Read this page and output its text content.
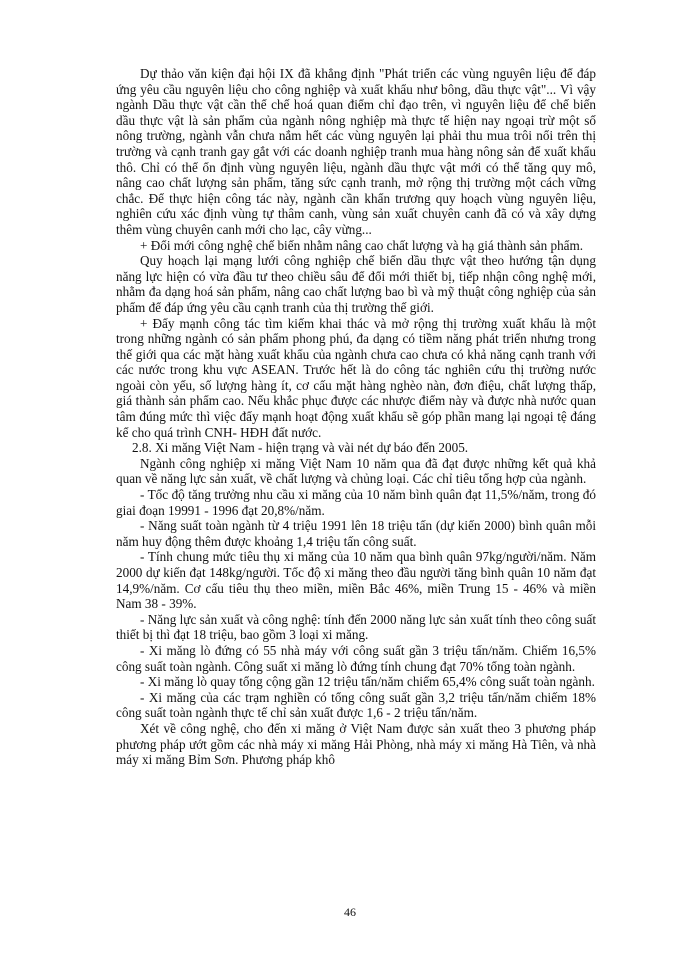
Dự thảo văn kiện đại hội IX đã khẳng định "Phát triển các vùng nguyên liệu để đáp ứng yêu cầu nguyên liệu cho công nghiệp và xuất khẩu như bông, dầu thực vật"... Vì vậy ngành Dầu thực vật cần thể chế hoá quan điểm chỉ đạo trên, vì nguyên liệu để chế biến dầu thực vật là sản phẩm của ngành nông nghiệp mà thực tế hiện nay ngoại trừ một số nông trường, ngành vẫn chưa nắm hết các vùng nguyên lại phải thu mua trôi nổi trên thị trường và cạnh tranh gay gắt với các doanh nghiệp tranh mua hàng nông sản để xuất khẩu thô. Chỉ có thể ổn định vùng nguyên liệu, ngành dầu thực vật mới có thể tăng quy mô, nâng cao chất lượng sản phẩm, tăng sức cạnh tranh, mở rộng thị trường một cách vững chắc. Để thực hiện công tác này, ngành cần khẩn trương quy hoạch vùng nguyên liệu, nghiên cứu xác định vùng tự thâm canh, vùng sản xuất chuyên canh đã có và xây dựng thêm vùng chuyên canh mới cho lạc, cây vừng...

+ Đổi mới công nghệ chế biến nhằm nâng cao chất lượng và hạ giá thành sản phẩm.

Quy hoạch lại mạng lưới công nghiệp chế biến dầu thực vật theo hướng tận dụng năng lực hiện có vừa đầu tư theo chiều sâu để đổi mới thiết bị, tiếp nhận công nghệ mới, nhằm đa dạng hoá sản phẩm, nâng cao chất lượng bao bì và mỹ thuật công nghiệp của sản phẩm để đáp ứng yêu cầu cạnh tranh của thị trường thế giới.

+ Đẩy mạnh công tác tìm kiếm khai thác và mở rộng thị trường xuất khẩu là một trong những ngành có sản phẩm phong phú, đa dạng có tiềm năng phát triển nhưng trong thế giới qua các mặt hàng xuất khẩu của ngành chưa cao chưa có khả năng cạnh tranh với các nước trong khu vực ASEAN. Trước hết là do công tác nghiên cứu thị trường nước ngoài còn yếu, số lượng hàng ít, cơ cấu mặt hàng nghèo nàn, đơn điệu, chất lượng thấp, giá thành sản phẩm cao. Nếu khắc phục được các nhược điểm này và được nhà nước quan tâm đúng mức thì việc đẩy mạnh hoạt động xuất khẩu sẽ góp phần mang lại ngoại tệ đáng kể cho quá trình CNH- HĐH đất nước.

2.8. Xi măng Việt Nam - hiện trạng và vài nét dự báo đến 2005.

Ngành công nghiệp xi măng Việt Nam 10 năm qua đã đạt được những kết quả khả quan về năng lực sản xuất, về chất lượng và chủng loại. Các chỉ tiêu tổng hợp của ngành.

- Tốc độ tăng trưởng nhu cầu xi măng của 10 năm bình quân đạt 11,5%/năm, trong đó giai đoạn 19991 - 1996 đạt 20,8%/năm.

- Năng suất toàn ngành từ 4 triệu 1991 lên 18 triệu tấn (dự kiến 2000) bình quân mỗi năm huy động thêm được khoảng 1,4 triệu tấn công suất.

- Tính chung mức tiêu thụ xi măng của 10 năm qua bình quân 97kg/người/năm. Năm 2000 dự kiến đạt 148kg/người. Tốc độ xi măng theo đầu người tăng bình quân 10 năm đạt 14,9%/năm. Cơ cấu tiêu thụ theo miền, miền Bắc 46%, miền Trung 15 - 46% và miền Nam 38 - 39%.

- Năng lực sản xuất và công nghệ: tính đến 2000 năng lực sản xuất tính theo công suất thiết bị thì đạt 18 triệu, bao gồm 3 loại xi măng.

- Xi măng lò đứng có 55 nhà máy với công suất gần 3 triệu tấn/năm. Chiếm 16,5% công suất toàn ngành. Công suất xi măng lò đứng tính chung đạt 70% tổng toàn ngành.

- Xi măng lò quay tổng cộng gần 12 triệu tấn/năm chiếm 65,4% công suất toàn ngành.

- Xi măng của các trạm nghiền có tổng công suất gần 3,2 triệu tấn/năm chiếm 18% công suất toàn ngành thực tế chỉ sản xuất được 1,6 - 2 triệu tấn/năm.

Xét về công nghệ, cho đến xi măng ở Việt Nam được sản xuất theo 3 phương pháp phương pháp ướt gồm các nhà máy xi măng Hải Phòng, nhà máy xi măng Hà Tiên, và nhà máy xi măng Bỉm Sơn. Phương pháp khô

46
